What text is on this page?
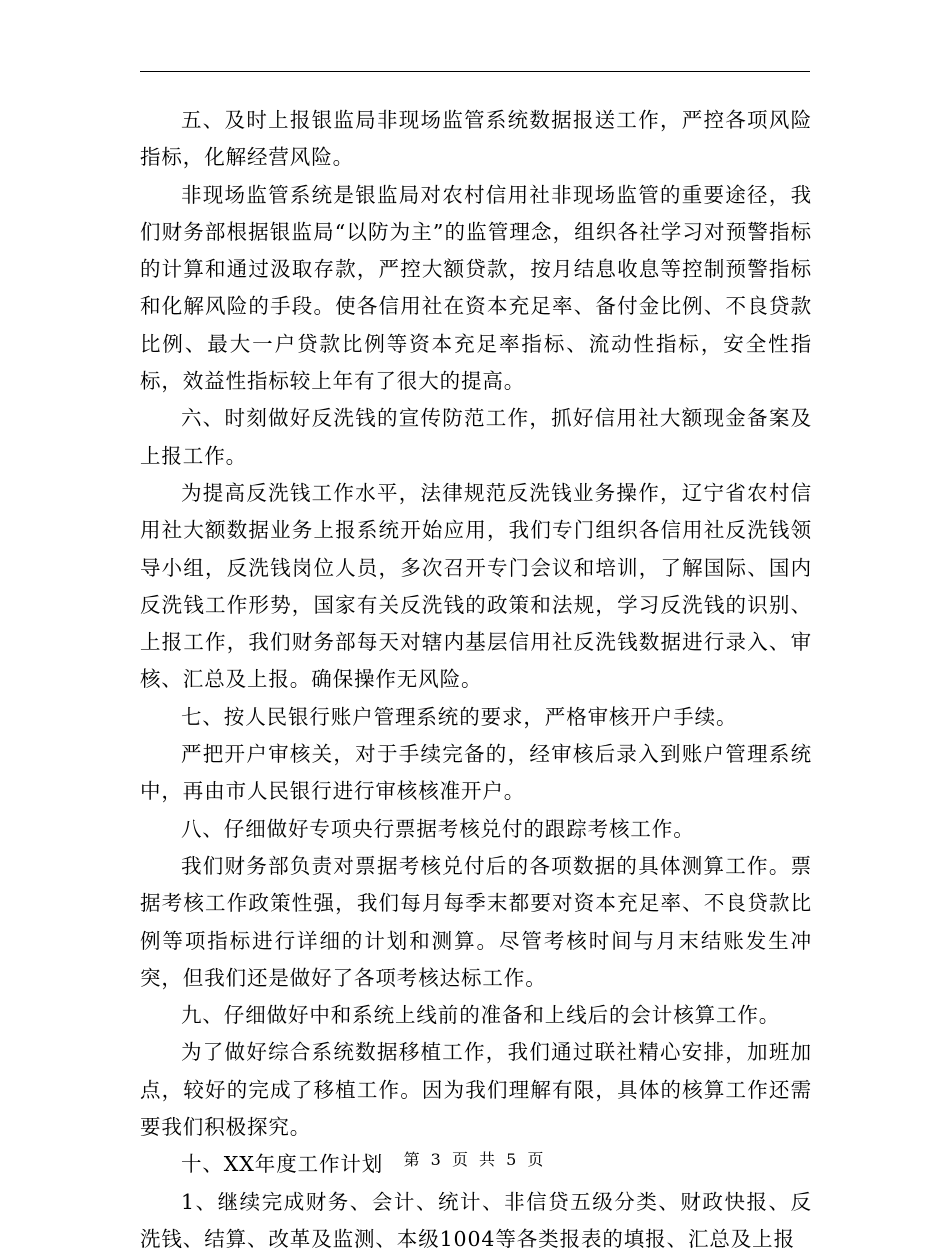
五、及时上报银监局非现场监管系统数据报送工作，严控各项风险指标，化解经营风险。

非现场监管系统是银监局对农村信用社非现场监管的重要途径，我们财务部根据银监局“以防为主”的监管理念，组织各社学习对预警指标的计算和通过汲取存款，严控大额贷款，按月结息收息等控制预警指标和化解风险的手段。使各信用社在资本充足率、备付金比例、不良贷款比例、最大一户贷款比例等资本充足率指标、流动性指标，安全性指标，效益性指标较上年有了很大的提高。

六、时刻做好反洗钱的宣传防范工作，抓好信用社大额现金备案及上报工作。

为提高反洗钱工作水平，法律规范反洗钱业务操作，辽宁省农村信用社大额数据业务上报系统开始应用，我们专门组织各信用社反洗钱领导小组，反洗钱岗位人员，多次召开专门会议和培训，了解国际、国内反洗钱工作形势，国家有关反洗钱的政策和法规，学习反洗钱的识别、上报工作，我们财务部每天对辖内基层信用社反洗钱数据进行录入、审核、汇总及上报。确保操作无风险。

七、按人民银行账户管理系统的要求，严格审核开户手续。

严把开户审核关，对于手续完备的，经审核后录入到账户管理系统中，再由市人民银行进行审核核准开户。

八、仔细做好专项央行票据考核兑付的跟踪考核工作。

我们财务部负责对票据考核兑付后的各项数据的具体测算工作。票据考核工作政策性强，我们每月每季末都要对资本充足率、不良贷款比例等项指标进行详细的计划和测算。尽管考核时间与月末结账发生冲突，但我们还是做好了各项考核达标工作。

九、仔细做好中和系统上线前的准备和上线后的会计核算工作。

为了做好综合系统数据移植工作，我们通过联社精心安排，加班加点，较好的完成了移植工作。因为我们理解有限，具体的核算工作还需要我们积极探究。

十、XX年度工作计划

1、继续完成财务、会计、统计、非信贷五级分类、财政快报、反洗钱、结算、改革及监测、本级1004等各类报表的填报、汇总及上报

第 3 页 共 5 页
